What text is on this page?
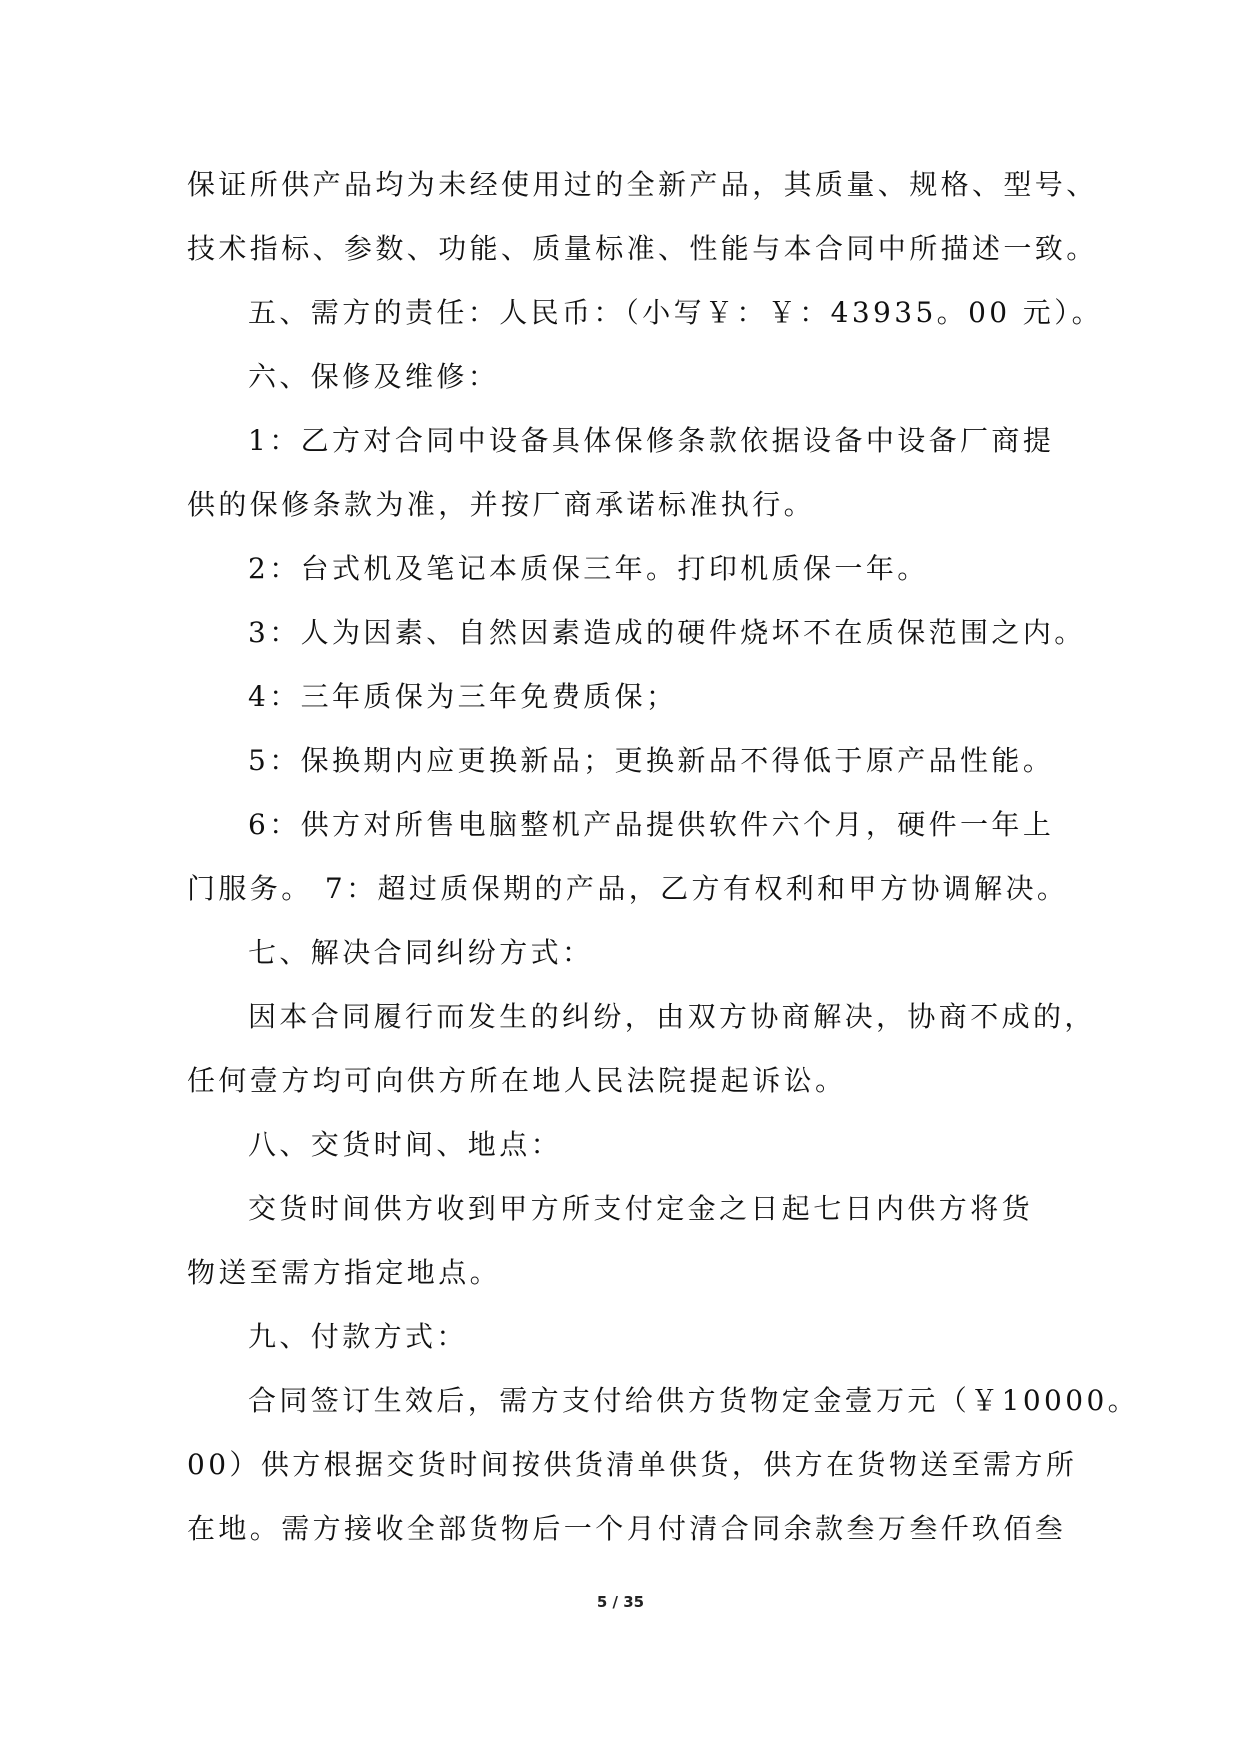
保证所供产品均为未经使用过的全新产品，其质量、规格、型号、
技术指标、参数、功能、质量标准、性能与本合同中所描述一致。
五、需方的责任：人民币：（小写￥：￥：43935。00 元）。
六、保修及维修：
1：乙方对合同中设备具体保修条款依据设备中设备厂商提
供的保修条款为准，并按厂商承诺标准执行。
2：台式机及笔记本质保三年。打印机质保一年。
3：人为因素、自然因素造成的硬件烧坏不在质保范围之内。
4：三年质保为三年免费质保；
5：保换期内应更换新品；更换新品不得低于原产品性能。
6：供方对所售电脑整机产品提供软件六个月，硬件一年上
门服务。 7：超过质保期的产品，乙方有权利和甲方协调解决。
七、解决合同纠纷方式：
因本合同履行而发生的纠纷，由双方协商解决，协商不成的，
任何壹方均可向供方所在地人民法院提起诉讼。
八、交货时间、地点：
交货时间供方收到甲方所支付定金之日起七日内供方将货
物送至需方指定地点。
九、付款方式：
合同签订生效后，需方支付给供方货物定金壹万元（￥10000。
00）供方根据交货时间按供货清单供货，供方在货物送至需方所
在地。需方接收全部货物后一个月付清合同余款叁万叁仟玖佰叁
5 / 35
